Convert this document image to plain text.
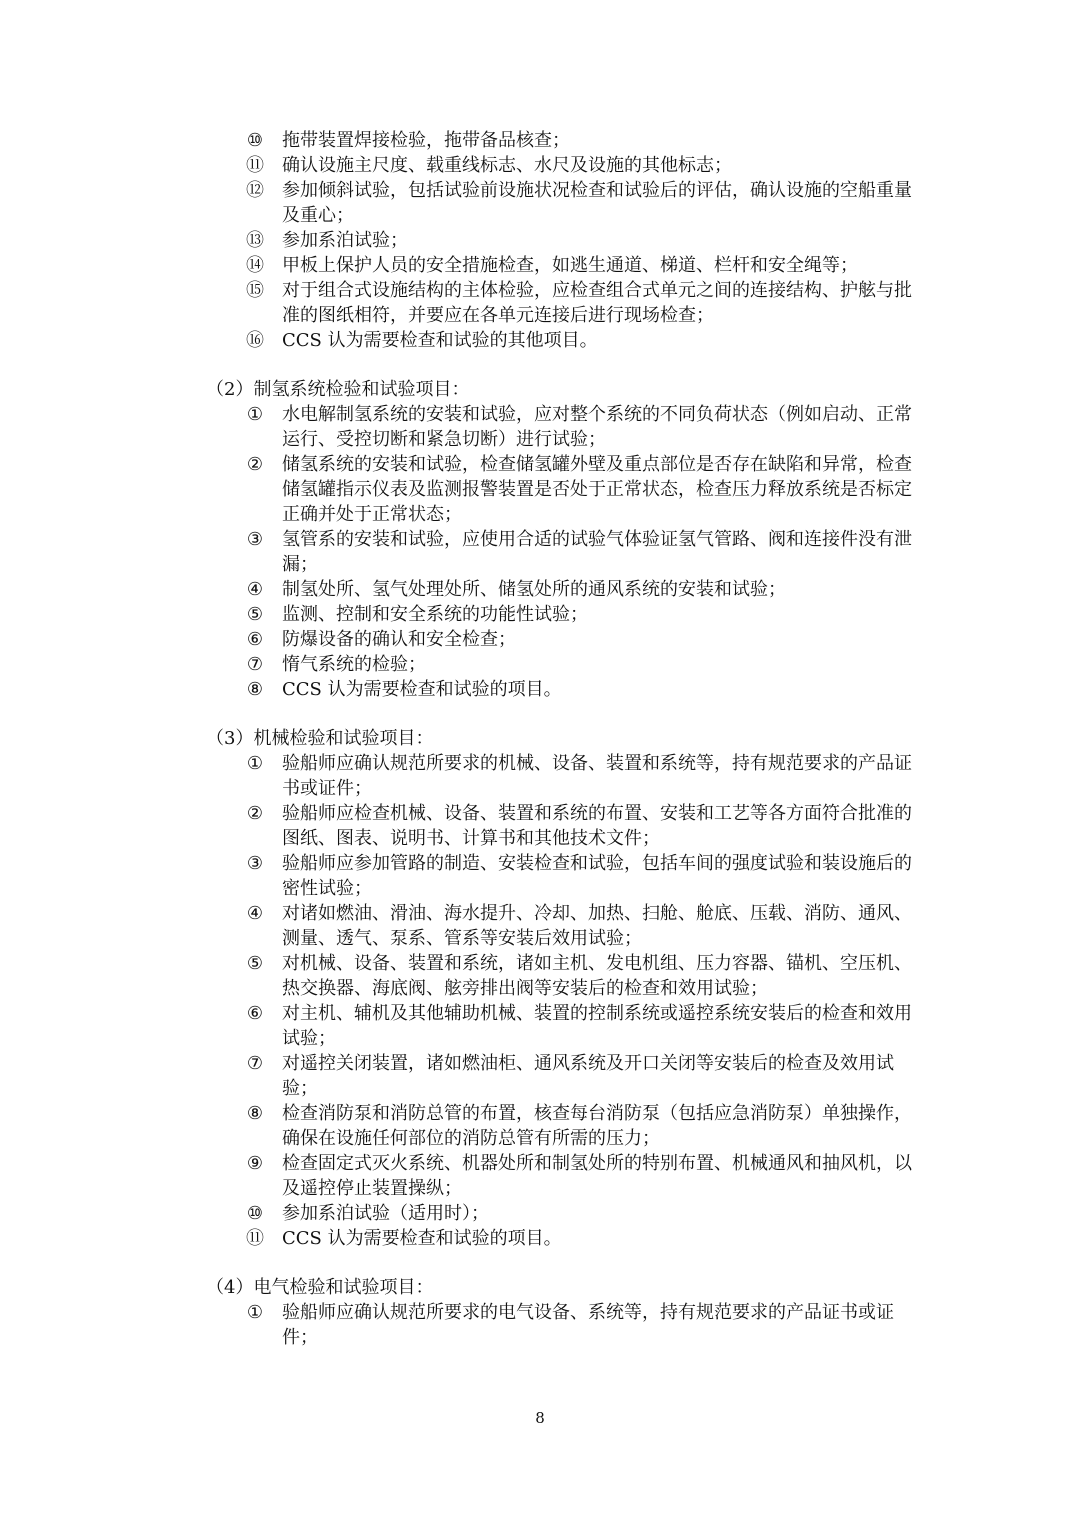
⑩ 拖带装置焊接检验，拖带备品核查；
⑪ 确认设施主尺度、载重线标志、水尺及设施的其他标志；
⑫ 参加倾斜试验，包括试验前设施状况检查和试验后的评估，确认设施的空船重量及重心；
⑬ 参加系泊试验；
⑭ 甲板上保护人员的安全措施检查，如逃生通道、梯道、栏杆和安全绳等；
⑮ 对于组合式设施结构的主体检验，应检查组合式单元之间的连接结构、护舷与批准的图纸相符，并要应在各单元连接后进行现场检查；
⑯ CCS 认为需要检查和试验的其他项目。

（2）制氢系统检验和试验项目：

① 水电解制氢系统的安装和试验，应对整个系统的不同负荷状态（例如启动、正常运行、受控切断和紧急切断）进行试验；
② 储氢系统的安装和试验，检查储氢罐外壁及重点部位是否存在缺陷和异常，检查储氢罐指示仪表及监测报警装置是否处于正常状态，检查压力释放系统是否标定正确并处于正常状态；
③ 氢管系的安装和试验，应使用合适的试验气体验证氢气管路、阀和连接件没有泄漏；
④ 制氢处所、氢气处理处所、储氢处所的通风系统的安装和试验；
⑤ 监测、控制和安全系统的功能性试验；
⑥ 防爆设备的确认和安全检查；
⑦ 惰气系统的检验；
⑧ CCS 认为需要检查和试验的项目。

（3）机械检验和试验项目：

① 验船师应确认规范所要求的机械、设备、装置和系统等，持有规范要求的产品证书或证件；
② 验船师应检查机械、设备、装置和系统的布置、安装和工艺等各方面符合批准的图纸、图表、说明书、计算书和其他技术文件；
③ 验船师应参加管路的制造、安装检查和试验，包括车间的强度试验和装设施后的密性试验；
④ 对诸如燃油、滑油、海水提升、冷却、加热、扫舱、舱底、压载、消防、通风、测量、透气、泵系、管系等安装后效用试验；
⑤ 对机械、设备、装置和系统，诸如主机、发电机组、压力容器、锚机、空压机、热交换器、海底阀、舷旁排出阀等安装后的检查和效用试验；
⑥ 对主机、辅机及其他辅助机械、装置的控制系统或遥控系统安装后的检查和效用试验；
⑦ 对遥控关闭装置，诸如燃油柜、通风系统及开口关闭等安装后的检查及效用试验；
⑧ 检查消防泵和消防总管的布置，核查每台消防泵（包括应急消防泵）单独操作，确保在设施任何部位的消防总管有所需的压力；
⑨ 检查固定式灭火系统、机器处所和制氢处所的特别布置、机械通风和抽风机，以及遥控停止装置操纵；
⑩ 参加系泊试验（适用时）；
⑪ CCS 认为需要检查和试验的项目。

（4）电气检验和试验项目：

① 验船师应确认规范所要求的电气设备、系统等，持有规范要求的产品证书或证件；
8
